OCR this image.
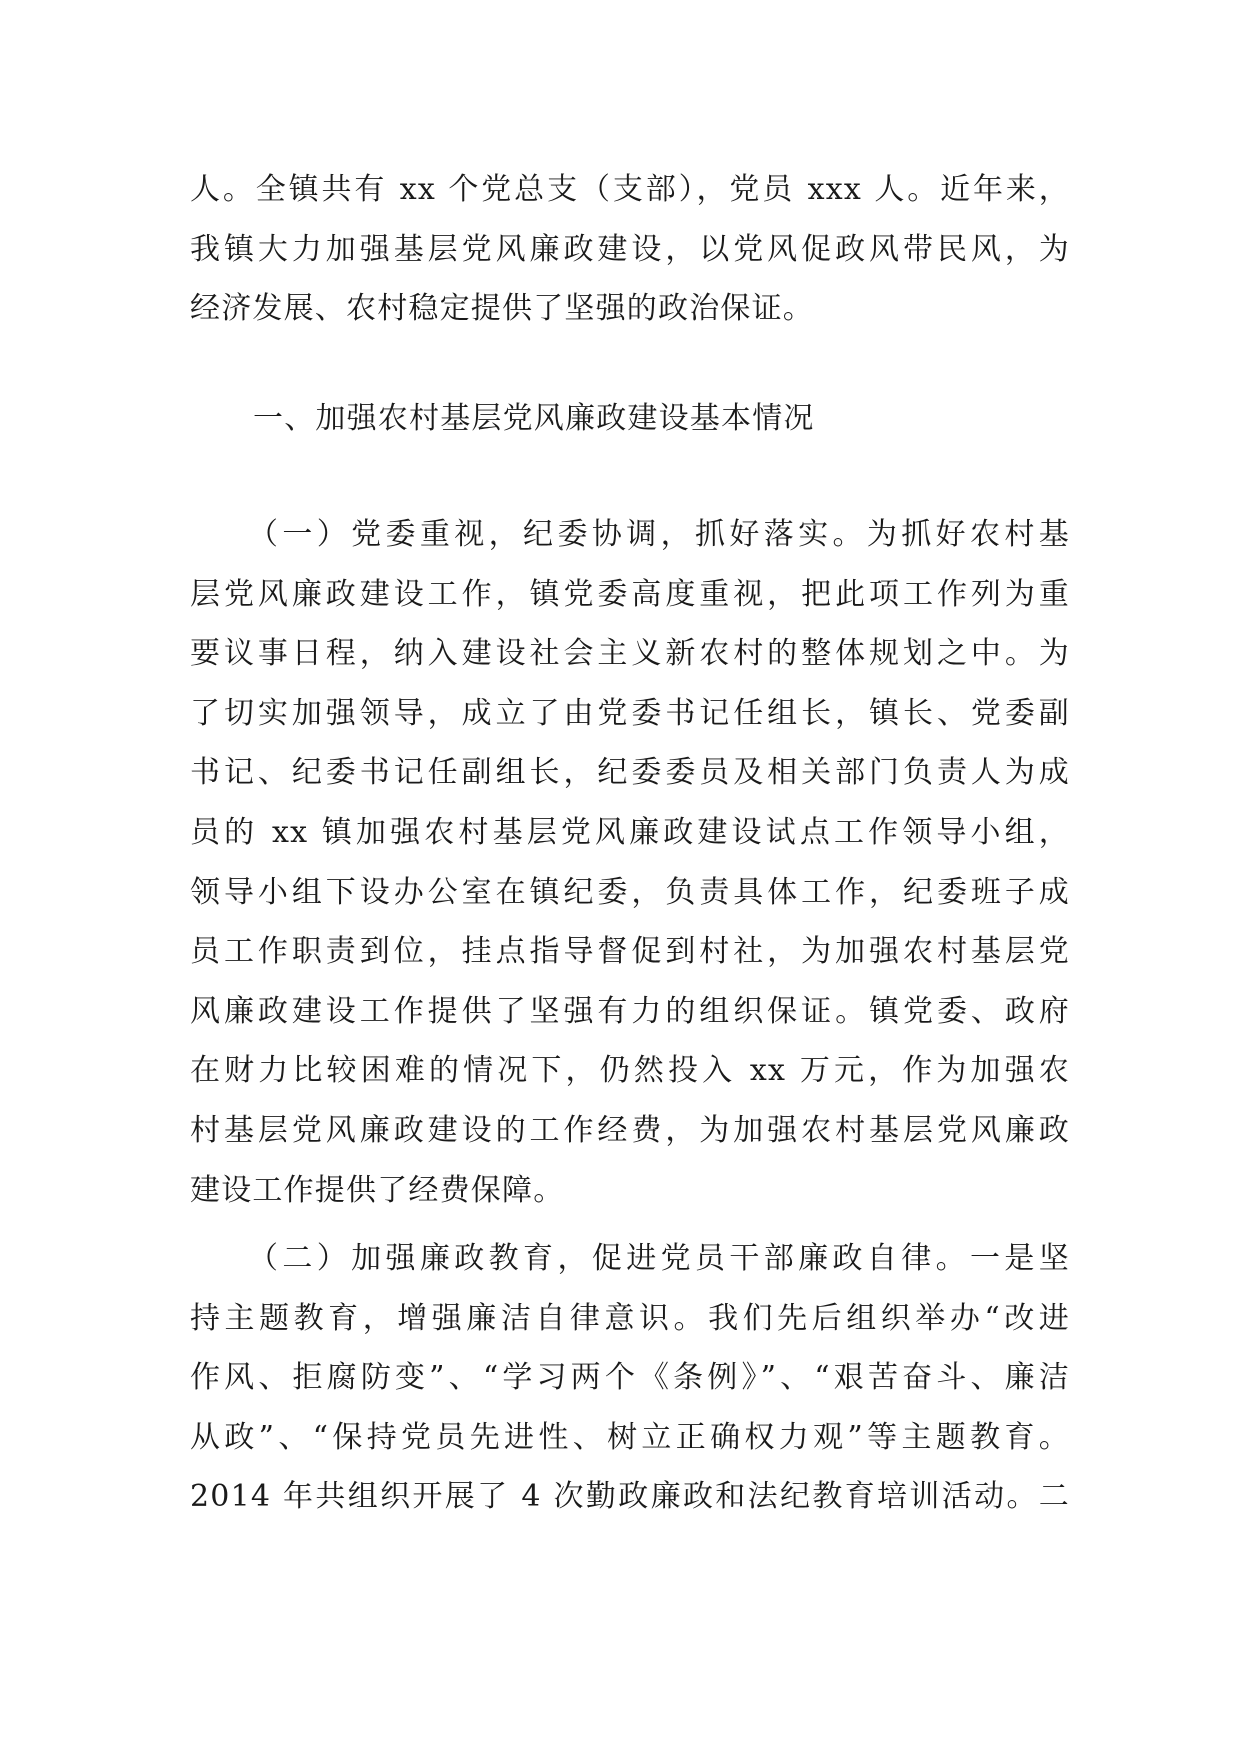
人。全镇共有 xx 个党总支（支部），党员 xxx 人。近年来，
我镇大力加强基层党风廉政建设，以党风促政风带民风，为
经济发展、农村稳定提供了坚强的政治保证。
一、加强农村基层党风廉政建设基本情况
（一）党委重视，纪委协调，抓好落实。为抓好农村基
层党风廉政建设工作，镇党委高度重视，把此项工作列为重
要议事日程，纳入建设社会主义新农村的整体规划之中。为
了切实加强领导，成立了由党委书记任组长，镇长、党委副
书记、纪委书记任副组长，纪委委员及相关部门负责人为成
员的 xx 镇加强农村基层党风廉政建设试点工作领导小组，
领导小组下设办公室在镇纪委，负责具体工作，纪委班子成
员工作职责到位，挂点指导督促到村社，为加强农村基层党
风廉政建设工作提供了坚强有力的组织保证。镇党委、政府
在财力比较困难的情况下，仍然投入 xx 万元，作为加强农
村基层党风廉政建设的工作经费，为加强农村基层党风廉政
建设工作提供了经费保障。
（二）加强廉政教育，促进党员干部廉政自律。一是坚
持主题教育，增强廉洁自律意识。我们先后组织举办“改进
作风、拒腐防变”、“学习两个《条例》”、“艰苦奋斗、廉洁
从政”、“保持党员先进性、树立正确权力观”等主题教育。
2014 年共组织开展了 4 次勤政廉政和法纪教育培训活动。二
